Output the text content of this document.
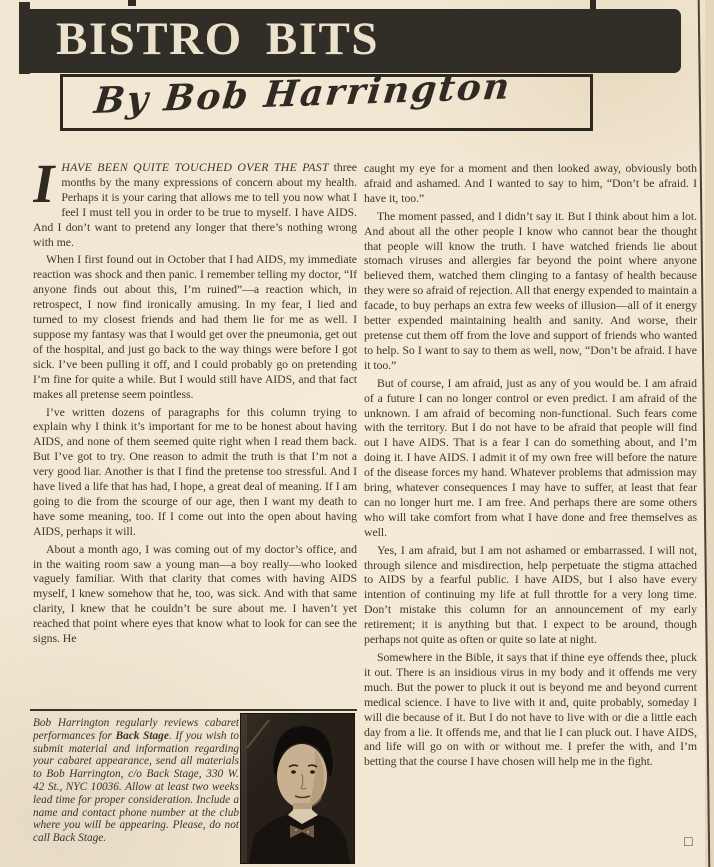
BISTRO BITS
By Bob Harrington

IHAVE BEEN QUITE TOUCHED OVER THE PAST three months by the many expressions of concern about my health. Perhaps it is your caring that allows me to tell you now what I feel I must tell you in order to be true to myself. I have AIDS. And I don’t want to pretend any longer that there’s nothing wrong with me.

When I first found out in October that I had AIDS, my immediate reaction was shock and then panic. I remember telling my doctor, “If anyone finds out about this, I’m ruined”—a reaction which, in retrospect, I now find ironically amusing. In my fear, I lied and turned to my closest friends and had them lie for me as well. I suppose my fantasy was that I would get over the pneumonia, get out of the hospital, and just go back to the way things were before I got sick. I’ve been pulling it off, and I could probably go on pretending I’m fine for quite a while. But I would still have AIDS, and that fact makes all pretense seem pointless.

I’ve written dozens of paragraphs for this column trying to explain why I think it’s important for me to be honest about having AIDS, and none of them seemed quite right when I read them back. But I’ve got to try. One reason to admit the truth is that I’m not a very good liar. Another is that I find the pretense too stressful. And I have lived a life that has had, I hope, a great deal of meaning. If I am going to die from the scourge of our age, then I want my death to have some meaning, too. If I come out into the open about having AIDS, perhaps it will.

About a month ago, I was coming out of my doctor’s office, and in the waiting room saw a young man—a boy really—who looked vaguely familiar. With that clarity that comes with having AIDS myself, I knew somehow that he, too, was sick. And with that same clarity, I knew that he couldn’t be sure about me. I haven’t yet reached that point where eyes that know what to look for can see the signs. He

caught my eye for a moment and then looked away, obviously both afraid and ashamed. And I wanted to say to him, “Don’t be afraid. I have it, too.”

The moment passed, and I didn’t say it. But I think about him a lot. And about all the other people I know who cannot bear the thought that people will know the truth. I have watched friends lie about stomach viruses and allergies far beyond the point where anyone believed them, watched them clinging to a fantasy of health because they were so afraid of rejection. All that energy expended to maintain a facade, to buy perhaps an extra few weeks of illusion—all of it energy better expended maintaining health and sanity. And worse, their pretense cut them off from the love and support of friends who wanted to help. So I want to say to them as well, now, “Don’t be afraid. I have it too.”

But of course, I am afraid, just as any of you would be. I am afraid of a future I can no longer control or even predict. I am afraid of the unknown. I am afraid of becoming non-functional. Such fears come with the territory. But I do not have to be afraid that people will find out I have AIDS. That is a fear I can do something about, and I’m doing it. I have AIDS. I admit it of my own free will before the nature of the disease forces my hand. Whatever problems that admission may bring, whatever consequences I may have to suffer, at least that fear can no longer hurt me. I am free. And perhaps there are some others who will take comfort from what I have done and free themselves as well.

Yes, I am afraid, but I am not ashamed or embarrassed. I will not, through silence and misdirection, help perpetuate the stigma attached to AIDS by a fearful public. I have AIDS, but I also have every intention of continuing my life at full throttle for a very long time. Don’t mistake this column for an announcement of my early retirement; it is anything but that. I expect to be around, though perhaps not quite as often or quite so late at night.

Somewhere in the Bible, it says that if thine eye offends thee, pluck it out. There is an insidious virus in my body and it offends me very much. But the power to pluck it out is beyond me and beyond current medical science. I have to live with it and, quite probably, someday I will die because of it. But I do not have to live with or die a little each day from a lie. It offends me, and that lie I can pluck out. I have AIDS, and life will go on with or without me. I prefer the with, and I’m betting that the course I have chosen will help me in the fight.

Bob Harrington regularly reviews cabaret performances for Back Stage. If you wish to submit material and information regarding your cabaret appearance, send all materials to Bob Harrington, c/o Back Stage, 330 W. 42 St., NYC 10036. Allow at least two weeks lead time for proper consideration. Include a name and contact phone number at the club where you will be appearing. Please, do not call Back Stage.	□
